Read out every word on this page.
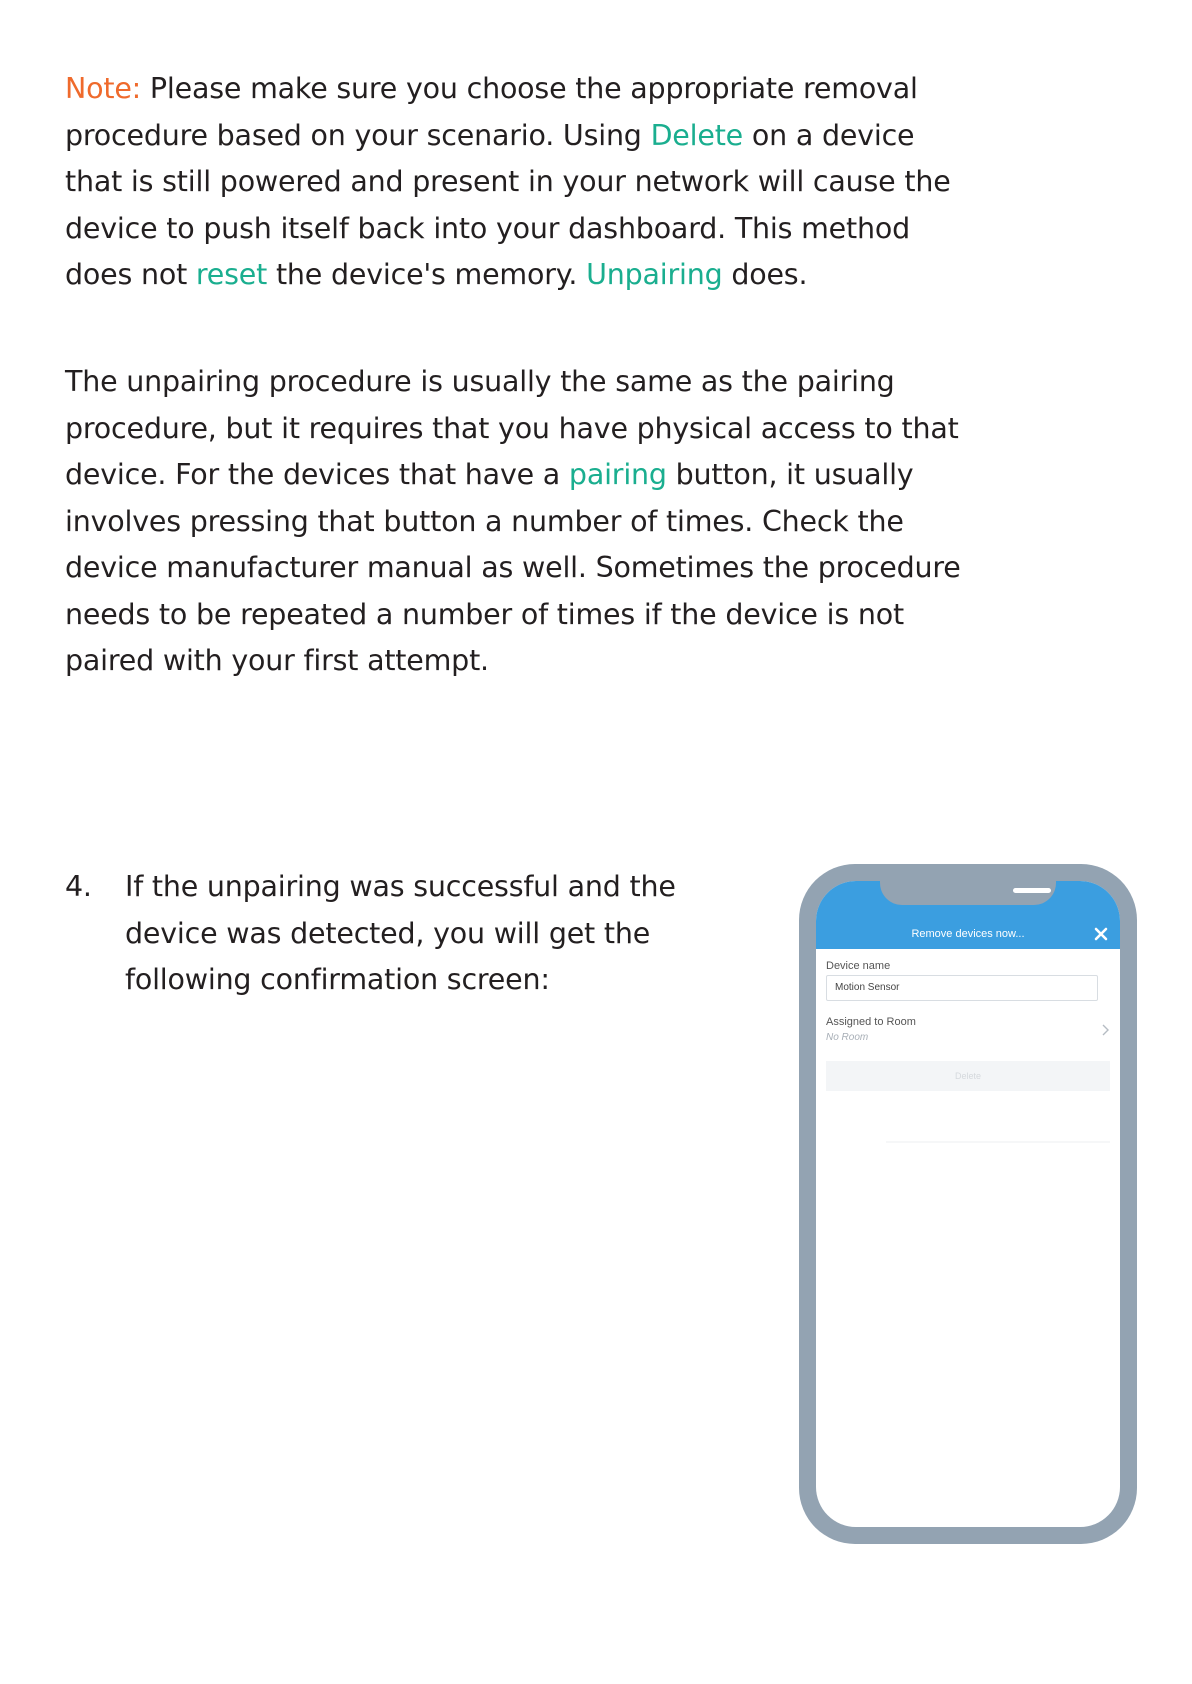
Note: Please make sure you choose the appropriate removal procedure based on your scenario. Using Delete on a device that is still powered and present in your network will cause the device to push itself back into your dashboard. This method does not reset the device's memory. Unpairing does.

The unpairing procedure is usually the same as the pairing procedure, but it requires that you have physical access to that device. For the devices that have a pairing button, it usually involves pressing that button a number of times. Check the device manufacturer manual as well. Sometimes the procedure needs to be repeated a number of times if the device is not paired with your first attempt.

4. If the unpairing was successful and the device was detected, you will get the following confirmation screen:
Remove devices now...
Device name
Motion Sensor
Assigned to Room
No Room
Delete
